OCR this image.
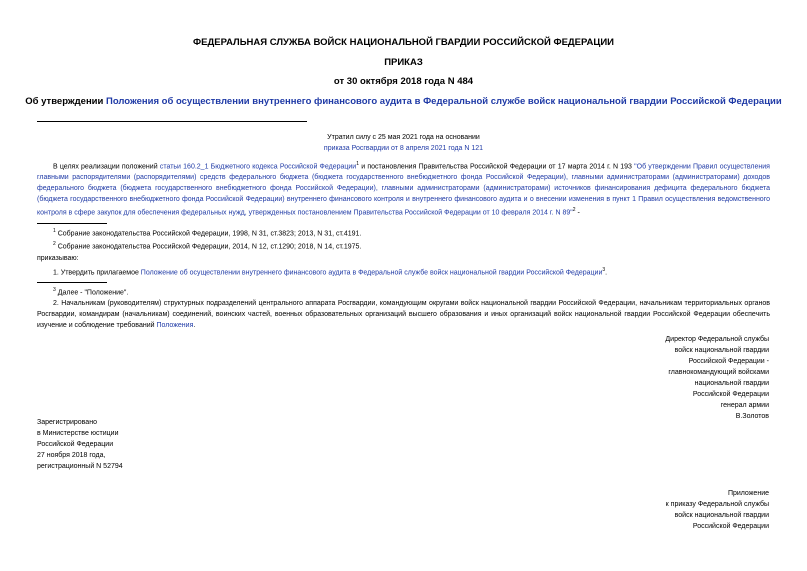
ФЕДЕРАЛЬНАЯ СЛУЖБА ВОЙСК НАЦИОНАЛЬНОЙ ГВАРДИИ РОССИЙСКОЙ ФЕДЕРАЦИИ
ПРИКАЗ
от 30 октября 2018 года N 484
Об утверждении Положения об осуществлении внутреннего финансового аудита в Федеральной службе войск национальной гвардии Российской Федерации
Утратил силу с 25 мая 2021 года на основании
приказа Росгвардии от 8 апреля 2021 года N 121
В целях реализации положений статьи 160.2_1 Бюджетного кодекса Российской Федерации$^1$ и постановления Правительства Российской Федерации от 17 марта 2014 г. N 193 "Об утверждении Правил осуществления главными распорядителями (распорядителями) средств федерального бюджета (бюджета государственного внебюджетного фонда Российской Федерации), главными администраторами (администраторами) доходов федерального бюджета (бюджета государственного внебюджетного фонда Российской Федерации), главными администраторами (администраторами) источников финансирования дефицита федерального бюджета (бюджета государственного внебюджетного фонда Российской Федерации) внутреннего финансового контроля и внутреннего финансового аудита и о внесении изменения в пункт 1 Правил осуществления ведомственного контроля в сфере закупок для обеспечения федеральных нужд, утвержденных постановлением Правительства Российской Федерации от 10 февраля 2014 г. N 89"$^2$ -
$^1$ Собрание законодательства Российской Федерации, 1998, N 31, ст.3823; 2013, N 31, ст.4191.
$^2$ Собрание законодательства Российской Федерации, 2014, N 12, ст.1290; 2018, N 14, ст.1975.
приказываю:
1. Утвердить прилагаемое Положение об осуществлении внутреннего финансового аудита в Федеральной службе войск национальной гвардии Российской Федерации$^3$.
$^3$ Далее - "Положение".
2. Начальникам (руководителям) структурных подразделений центрального аппарата Росгвардии, командующим округами войск национальной гвардии Российской Федерации, начальникам территориальных органов Росгвардии, командирам (начальникам) соединений, воинских частей, военных образовательных организаций высшего образования и иных организаций войск национальной гвардии Российской Федерации обеспечить изучение и соблюдение требований Положения.
Директор Федеральной службы
войск национальной гвардии
Российской Федерации -
главнокомандующий войсками
национальной гвардии
Российской Федерации
генерал армии
В.Золотов
Зарегистрировано
в Министерстве юстиции
Российской Федерации
27 ноября 2018 года,
регистрационный N 52794
Приложение
к приказу Федеральной службы
войск национальной гвардии
Российской Федерации
